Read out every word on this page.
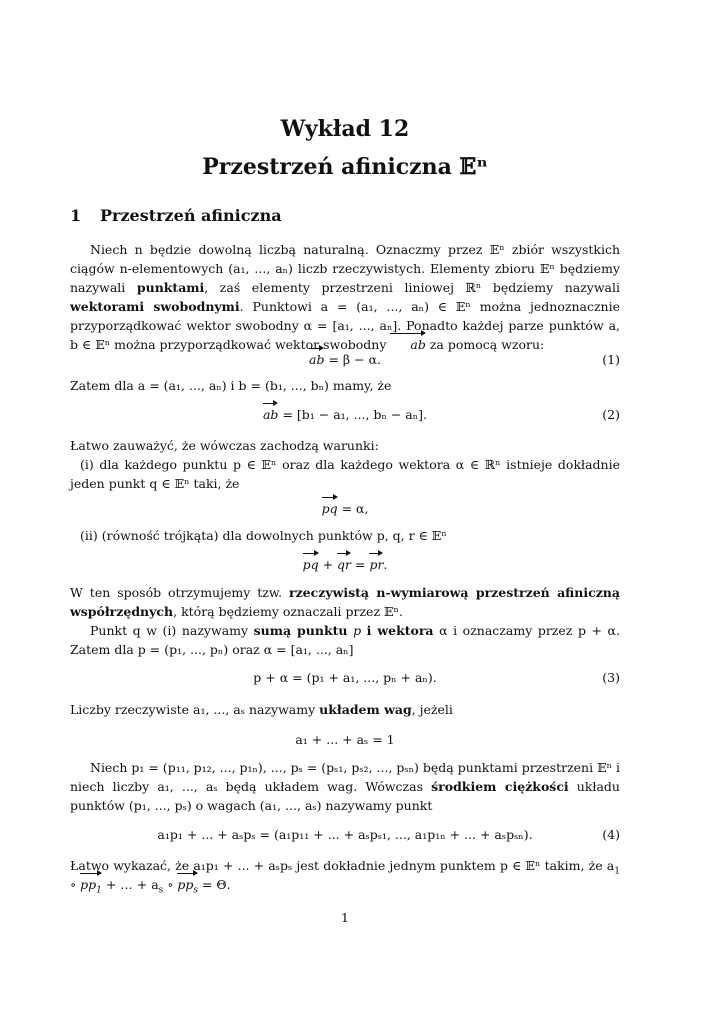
Wykład 12
Przestrzeń afiniczna 𝔼ⁿ
1 Przestrzeń afiniczna
Niech n będzie dowolną liczbą naturalną. Oznaczmy przez 𝔼ⁿ zbiór wszystkich ciągów n-elementowych (a₁, ..., aₙ) liczb rzeczywistych. Elementy zbioru 𝔼ⁿ będziemy nazywali punktami, zaś elementy przestrzeni liniowej ℝⁿ będziemy nazywali wektorami swobodnymi. Punktowi a = (a₁, ..., aₙ) ∈ 𝔼ⁿ można jednoznacznie przyporządkować wektor swobodny α = [a₁, ..., aₙ]. Ponadto każdej parze punktów a, b ∈ 𝔼ⁿ można przyporządkować wektor swobodny ab za pomocą wzoru:
ab = β − α.	(1)
Zatem dla a = (a₁, ..., aₙ) i b = (b₁, ..., bₙ) mamy, że
ab = [b₁ − a₁, ..., bₙ − aₙ].	(2)
Łatwo zauważyć, że wówczas zachodzą warunki:
(i) dla każdego punktu p ∈ 𝔼ⁿ oraz dla każdego wektora α ∈ ℝⁿ istnieje dokładnie jeden punkt q ∈ 𝔼ⁿ taki, że
pq = α,
(ii) (równość trójkąta) dla dowolnych punktów p, q, r ∈ 𝔼ⁿ
pq + qr = pr.
W ten sposób otrzymujemy tzw. rzeczywistą n-wymiarową przestrzeń afiniczną współrzędnych, którą będziemy oznaczali przez 𝔼ⁿ.
Punkt q w (i) nazywamy sumą punktu p i wektora α i oznaczamy przez p + α. Zatem dla p = (p₁, ..., pₙ) oraz α = [a₁, ..., aₙ]
p + α = (p₁ + a₁, ..., pₙ + aₙ).	(3)
Liczby rzeczywiste a₁, ..., aₛ nazywamy układem wag, jeżeli
a₁ + ... + aₛ = 1
Niech p₁ = (p₁₁, p₁₂, ..., p₁ₙ), ..., pₛ = (pₛ₁, pₛ₂, ..., pₛₙ) będą punktami przestrzeni 𝔼ⁿ i niech liczby a₁, ..., aₛ będą układem wag. Wówczas środkiem ciężkości układu punktów (p₁, ..., pₛ) o wagach (a₁, ..., aₛ) nazywamy punkt
a₁p₁ + ... + aₛpₛ = (a₁p₁₁ + ... + aₛpₛ₁, ..., a₁p₁ₙ + ... + aₛpₛₙ).	(4)
Łatwo wykazać, że a₁p₁ + ... + aₛpₛ jest dokładnie jednym punktem p ∈ 𝔼ⁿ takim, że $a_1$ ∘ $pp_1$ + … + $a_s$ ∘ $pp_s = \Theta$.
1
